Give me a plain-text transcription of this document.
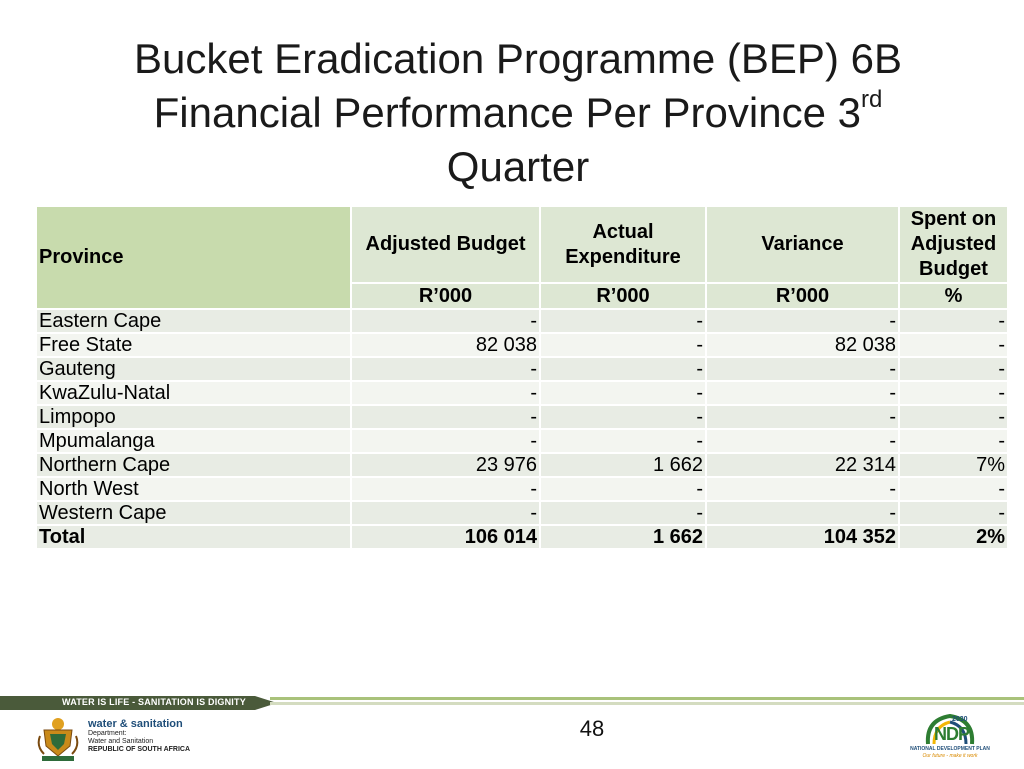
Bucket Eradication Programme (BEP) 6B
Financial Performance Per Province 3rd
Quarter
Province	Adjusted Budget	Actual Expenditure	Variance	Spent on Adjusted Budget
	R’000	R’000	R’000	%
Eastern Cape	-	-	-	-
Free State	82 038	-	82 038	-
Gauteng	-	-	-	-
KwaZulu-Natal	-	-	-	-
Limpopo	-	-	-	-
Mpumalanga	-	-	-	-
Northern Cape	23 976	1 662	22 314	7%
North West	-	-	-	-
Western Cape	-	-	-	-
Total	106 014	1 662	104 352	2%
WATER IS LIFE - SANITATION IS DIGNITY
48
water & sanitation
Department:
Water and Sanitation
REPUBLIC OF SOUTH AFRICA
2030
NDP
NATIONAL DEVELOPMENT PLAN
Our future - make it work
